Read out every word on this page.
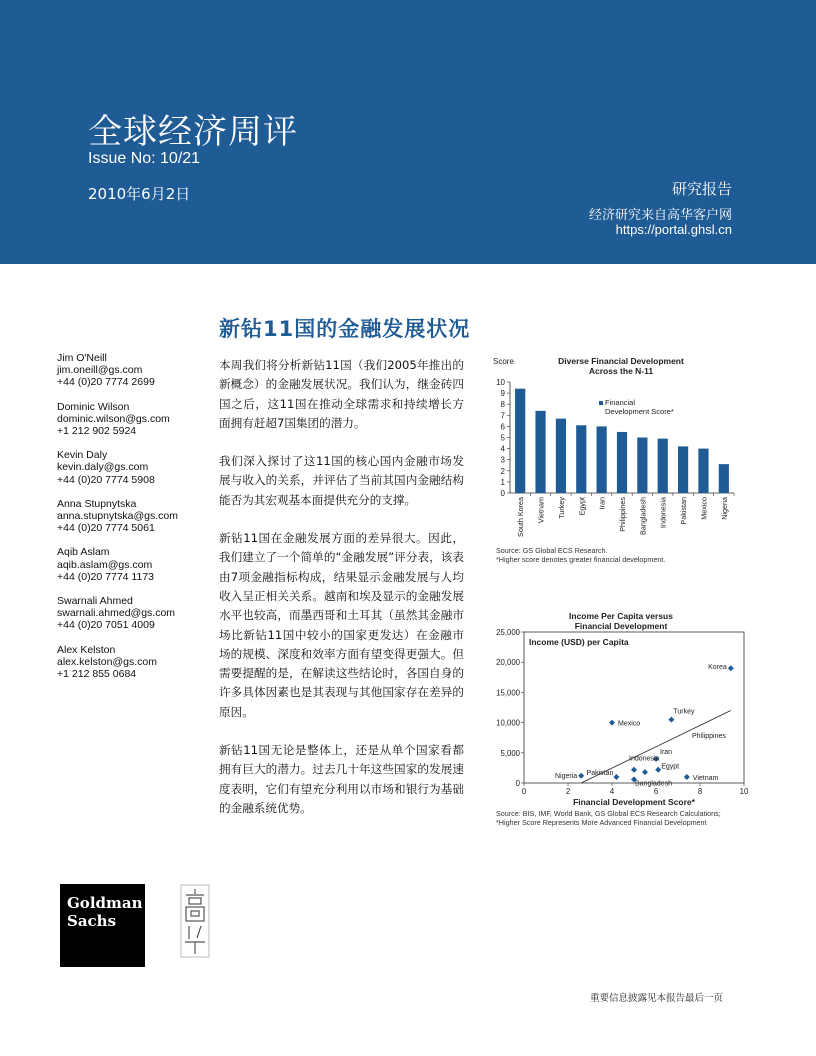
全球经济周评
Issue No: 10/21
2010年6月2日	研究报告
经济研究来自高华客户网
https://portal.ghsl.cn
新钻11国的金融发展状况
Jim O'Neill
jim.oneill@gs.com
+44 (0)20 7774 2699
Dominic Wilson
dominic.wilson@gs.com
+1 212 902 5924
Kevin Daly
kevin.daly@gs.com
+44 (0)20 7774 5908
Anna Stupnytska
anna.stupnytska@gs.com
+44 (0)20 7774 5061
Aqib Aslam
aqib.aslam@gs.com
+44 (0)20 7774 1173
Swarnali Ahmed
swarnali.ahmed@gs.com
+44 (0)20 7051 4009
Alex Kelston
alex.kelston@gs.com
+1 212 855 0684

本周我们将分析新钻11国（我们2005年推出的新概念）的金融发展状况。我们认为，继金砖四国之后，这11国在推动全球需求和持续增长方面拥有赶超7国集团的潜力。

我们深入探讨了这11国的核心国内金融市场发展与收入的关系，并评估了当前其国内金融结构能否为其宏观基本面提供充分的支撑。

新钻11国在金融发展方面的差异很大。因此，我们建立了一个简单的“金融发展”评分表，该表由7项金融指标构成，结果显示金融发展与人均收入呈正相关关系。越南和埃及显示的金融发展水平也较高，而墨西哥和土耳其（虽然其金融市场比新钻11国中较小的国家更发达）在金融市场的规模、深度和效率方面有望变得更强大。但需要提醒的是，在解读这些结论时，各国自身的许多具体因素也是其表现与其他国家存在差异的原因。

新钻11国无论是整体上，还是从单个国家看都拥有巨大的潜力。过去几十年这些国家的发展速度表明，它们有望充分利用以市场和银行为基础的金融系统优势。

Score	Diverse Financial Development
Across the N-11
0
1
2
3
4
5
6
7
8
9
10
South Korea Vietnam Turkey Egypt Iran Philippines Bangladesh Indonesia Pakistan Mexico Nigeria
Financial
Development Score*
Source: GS Global ECS Research.
*Higher score denotes greater financial development.
Income Per Capita versus
Financial Development
Income (USD) per Capita
0
5,000
10,000
15,000
20,000
25,000
0	2	4	6	8	10
Financial Development Score*
Korea
Mexico
Turkey
Iran
Egypt
Indonesia
Philippines
Vietnam
Pakistan
Bangladesh
Nigeria
Source: BIS, IMF, World Bank, GS Global ECS Research Calculations;
*Higher Score Represents More Advanced Financial Development
Goldman
Sachs
重要信息披露见本报告最后一页
